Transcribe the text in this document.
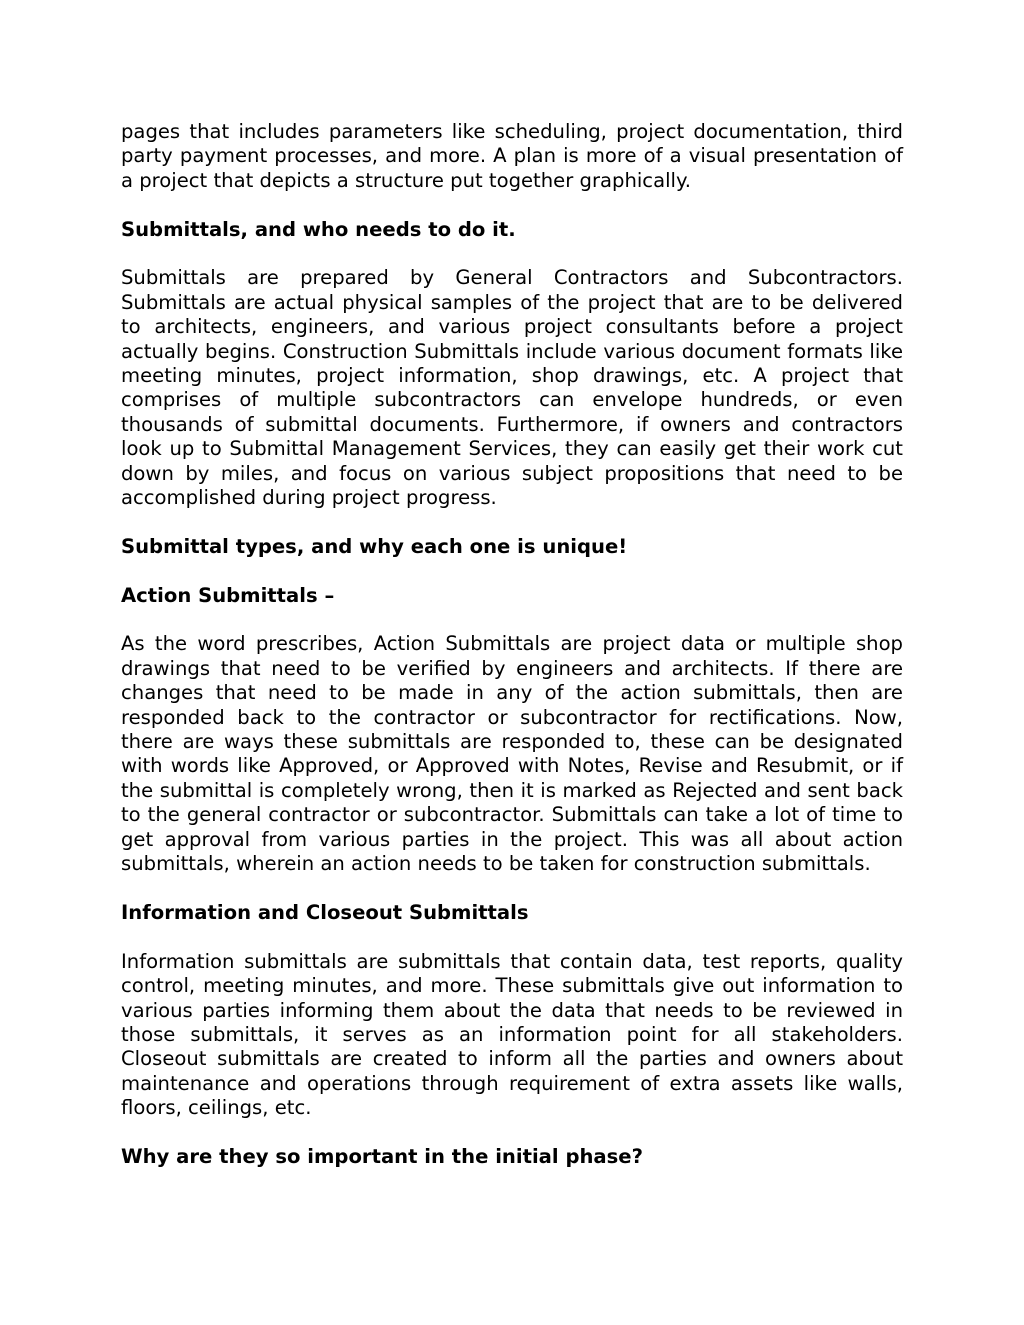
pages that includes parameters like scheduling, project documentation, third party payment processes, and more. A plan is more of a visual presentation of a project that depicts a structure put together graphically.

Submittals, and who needs to do it.

Submittals are prepared by General Contractors and Subcontractors. Submittals are actual physical samples of the project that are to be delivered to architects, engineers, and various project consultants before a project actually begins. Construction Submittals include various document formats like meeting minutes, project information, shop drawings, etc. A project that comprises of multiple subcontractors can envelope hundreds, or even thousands of submittal documents. Furthermore, if owners and contractors look up to Submittal Management Services, they can easily get their work cut down by miles, and focus on various subject propositions that need to be accomplished during project progress.

Submittal types, and why each one is unique!

Action Submittals –

As the word prescribes, Action Submittals are project data or multiple shop drawings that need to be verified by engineers and architects. If there are changes that need to be made in any of the action submittals, then are responded back to the contractor or subcontractor for rectifications. Now, there are ways these submittals are responded to, these can be designated with words like Approved, or Approved with Notes, Revise and Resubmit, or if the submittal is completely wrong, then it is marked as Rejected and sent back to the general contractor or subcontractor. Submittals can take a lot of time to get approval from various parties in the project. This was all about action submittals, wherein an action needs to be taken for construction submittals.

Information and Closeout Submittals

Information submittals are submittals that contain data, test reports, quality control, meeting minutes, and more. These submittals give out information to various parties informing them about the data that needs to be reviewed in those submittals, it serves as an information point for all stakeholders. Closeout submittals are created to inform all the parties and owners about maintenance and operations through requirement of extra assets like walls, floors, ceilings, etc.

Why are they so important in the initial phase?
